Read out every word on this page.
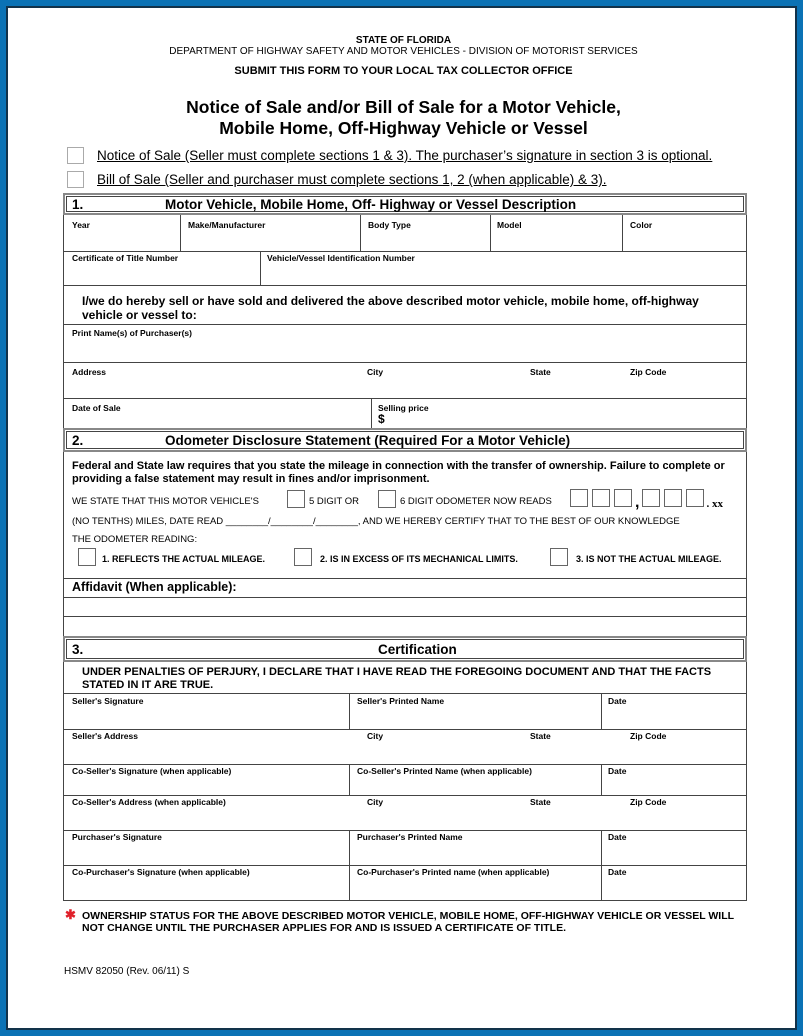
STATE OF FLORIDA
DEPARTMENT OF HIGHWAY SAFETY AND MOTOR VEHICLES - DIVISION OF MOTORIST SERVICES
SUBMIT THIS FORM TO YOUR LOCAL TAX COLLECTOR OFFICE
Notice of Sale and/or Bill of Sale for a Motor Vehicle,
Mobile Home, Off-Highway Vehicle or Vessel
Notice of Sale (Seller must complete sections 1 & 3). The purchaser’s signature in section 3 is optional.
Bill of Sale (Seller and purchaser must complete sections 1, 2 (when applicable) & 3).
1.	Motor Vehicle, Mobile Home, Off- Highway or Vessel Description
Year	Make/Manufacturer	Body Type	Model	Color
Certificate of Title Number	Vehicle/Vessel Identification Number
I/we do hereby sell or have sold and delivered the above described motor vehicle, mobile home, off-highway vehicle or vessel to:
Print Name(s) of Purchaser(s)
Address	City	State	Zip Code
Date of Sale	Selling price
$
2.	Odometer Disclosure Statement (Required For a Motor Vehicle)
Federal and State law requires that you state the mileage in connection with the transfer of ownership. Failure to complete or providing a false statement may result in fines and/or imprisonment.
WE STATE THAT THIS MOTOR VEHICLE'S	5 DIGIT OR	6 DIGIT ODOMETER NOW READS	,	. xx
(NO TENTHS) MILES, DATE READ ________/________/________, AND WE HEREBY CERTIFY THAT TO THE BEST OF OUR KNOWLEDGE
THE ODOMETER READING:
1. REFLECTS THE ACTUAL MILEAGE.	2. IS IN EXCESS OF ITS MECHANICAL LIMITS.	3. IS NOT THE ACTUAL MILEAGE.
Affidavit (When applicable):
3.	Certification
UNDER PENALTIES OF PERJURY, I DECLARE THAT I HAVE READ THE FOREGOING DOCUMENT AND THAT THE FACTS STATED IN IT ARE TRUE.
Seller's Signature	Seller's Printed Name	Date
Seller's Address	City	State	Zip Code
Co-Seller's Signature (when applicable)	Co-Seller's Printed Name (when applicable)	Date
Co-Seller's Address (when applicable)	City	State	Zip Code
Purchaser's Signature	Purchaser's Printed Name	Date
Co-Purchaser's Signature (when applicable)	Co-Purchaser's Printed name (when applicable)	Date
✱ OWNERSHIP STATUS FOR THE ABOVE DESCRIBED MOTOR VEHICLE, MOBILE HOME, OFF-HIGHWAY VEHICLE OR VESSEL WILL NOT CHANGE UNTIL THE PURCHASER APPLIES FOR AND IS ISSUED A CERTIFICATE OF TITLE.
HSMV 82050 (Rev. 06/11) S
